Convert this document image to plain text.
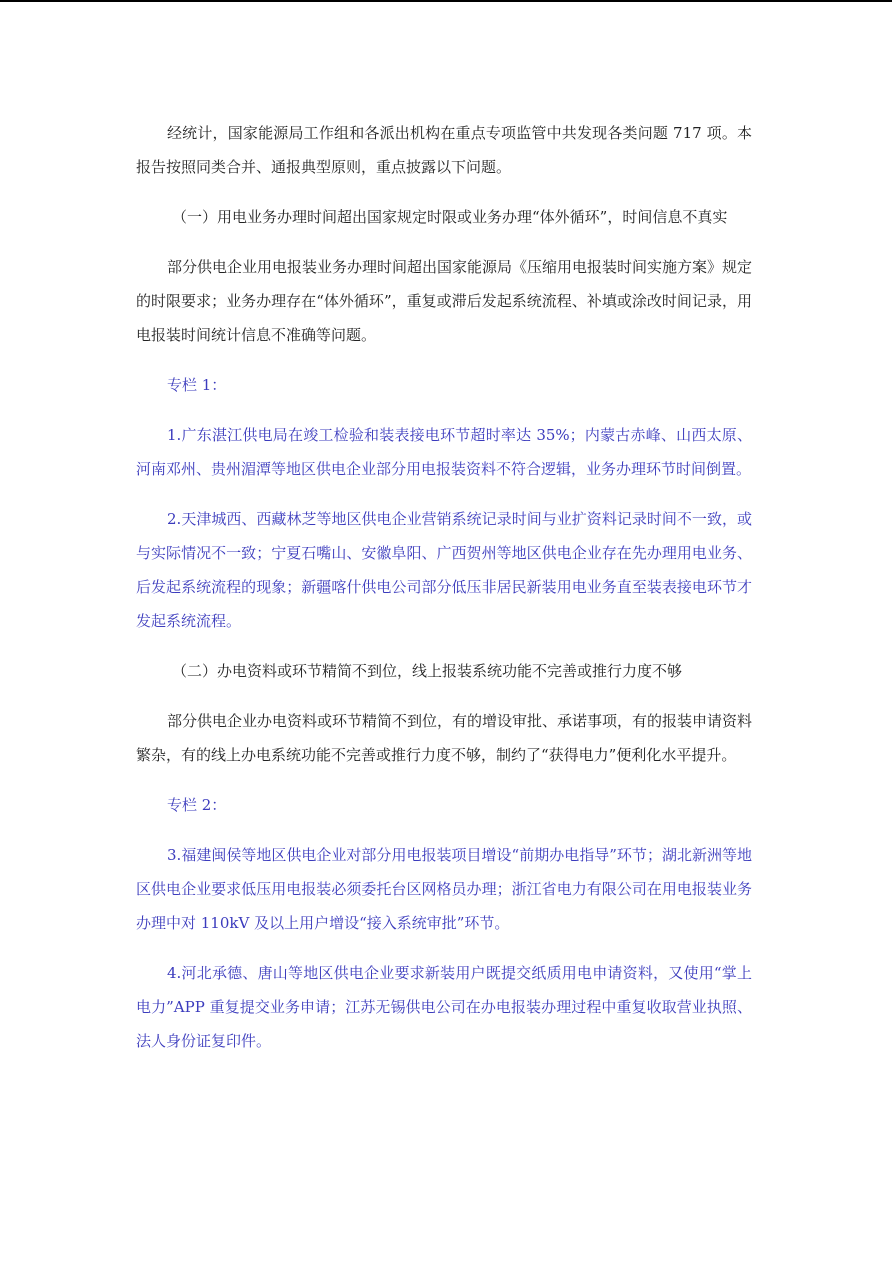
经统计，国家能源局工作组和各派出机构在重点专项监管中共发现各类问题 717 项。本报告按照同类合并、通报典型原则，重点披露以下问题。

（一）用电业务办理时间超出国家规定时限或业务办理“体外循环”，时间信息不真实

部分供电企业用电报装业务办理时间超出国家能源局《压缩用电报装时间实施方案》规定的时限要求；业务办理存在“体外循环”，重复或滞后发起系统流程、补填或涂改时间记录，用电报装时间统计信息不准确等问题。

专栏 1：

1.广东湛江供电局在竣工检验和装表接电环节超时率达 35%；内蒙古赤峰、山西太原、河南邓州、贵州湄潭等地区供电企业部分用电报装资料不符合逻辑，业务办理环节时间倒置。

2.天津城西、西藏林芝等地区供电企业营销系统记录时间与业扩资料记录时间不一致，或与实际情况不一致；宁夏石嘴山、安徽阜阳、广西贺州等地区供电企业存在先办理用电业务、后发起系统流程的现象；新疆喀什供电公司部分低压非居民新装用电业务直至装表接电环节才发起系统流程。

（二）办电资料或环节精简不到位，线上报装系统功能不完善或推行力度不够

部分供电企业办电资料或环节精简不到位，有的增设审批、承诺事项，有的报装申请资料繁杂，有的线上办电系统功能不完善或推行力度不够，制约了“获得电力”便利化水平提升。

专栏 2：

3.福建闽侯等地区供电企业对部分用电报装项目增设“前期办电指导”环节；湖北新洲等地区供电企业要求低压用电报装必须委托台区网格员办理；浙江省电力有限公司在用电报装业务办理中对 110kV 及以上用户增设“接入系统审批”环节。

4.河北承德、唐山等地区供电企业要求新装用户既提交纸质用电申请资料，又使用“掌上电力”APP 重复提交业务申请；江苏无锡供电公司在办电报装办理过程中重复收取营业执照、法人身份证复印件。
